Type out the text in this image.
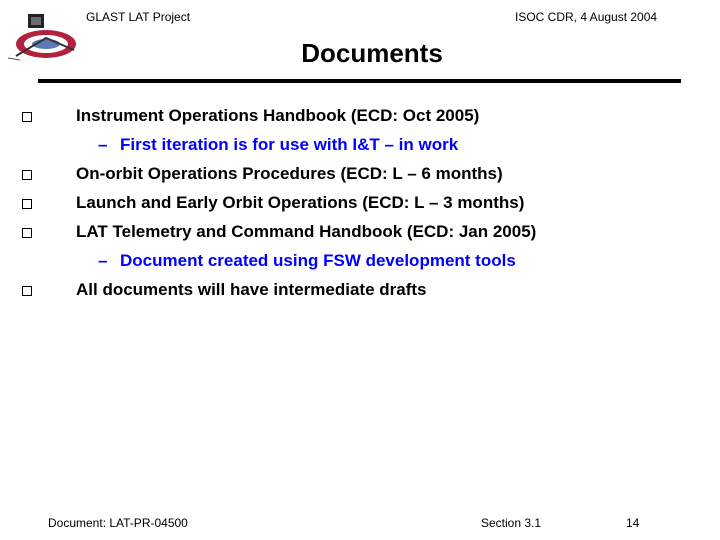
GLAST LAT Project	ISOC CDR, 4 August 2004
Documents
Instrument Operations Handbook (ECD: Oct 2005)
– First iteration is for use with I&T – in work
On-orbit Operations Procedures (ECD: L – 6 months)
Launch and Early Orbit Operations (ECD: L – 3 months)
LAT Telemetry and Command Handbook (ECD: Jan 2005)
– Document created using FSW development tools
All documents will have intermediate drafts
Document: LAT-PR-04500	Section 3.1	14
